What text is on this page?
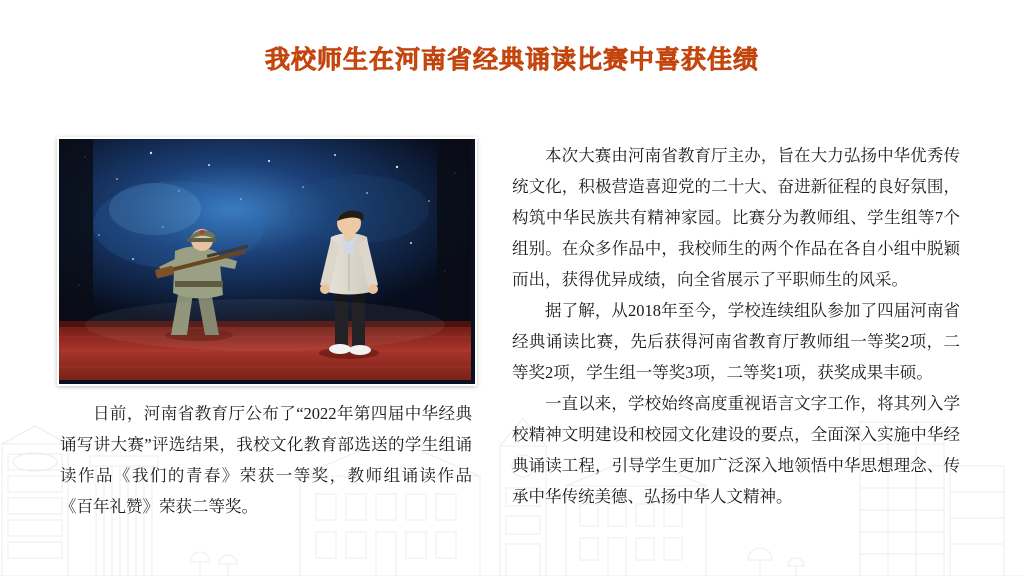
我校师生在河南省经典诵读比赛中喜获佳绩

日前，河南省教育厅公布了“2022年第四届中华经典诵写讲大赛”评选结果，我校文化教育部选送的学生组诵读作品《我们的青春》荣获一等奖，教师组诵读作品《百年礼赞》荣获二等奖。

本次大赛由河南省教育厅主办，旨在大力弘扬中华优秀传统文化，积极营造喜迎党的二十大、奋进新征程的良好氛围，构筑中华民族共有精神家园。比赛分为教师组、学生组等7个组别。在众多作品中，我校师生的两个作品在各自小组中脱颖而出，获得优异成绩，向全省展示了平职师生的风采。

据了解，从2018年至今，学校连续组队参加了四届河南省经典诵读比赛，先后获得河南省教育厅教师组一等奖2项，二等奖2项，学生组一等奖3项，二等奖1项，获奖成果丰硕。

一直以来，学校始终高度重视语言文字工作，将其列入学校精神文明建设和校园文化建设的要点，全面深入实施中华经典诵读工程，引导学生更加广泛深入地领悟中华思想理念、传承中华传统美德、弘扬中华人文精神。
